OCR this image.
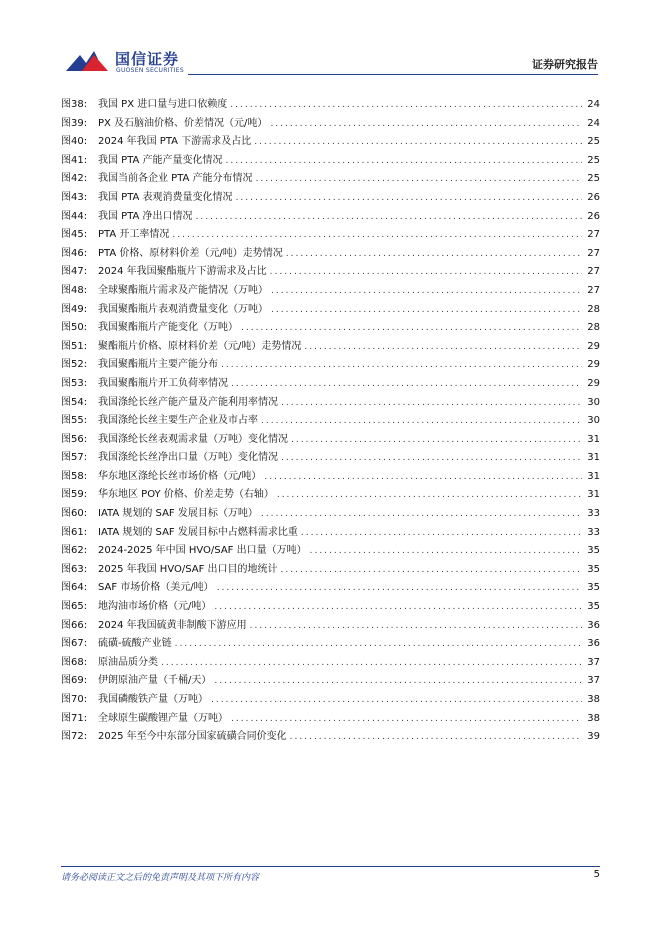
国信证券
GUOSEN SECURITIES	证券研究报告
图38:	我国 PX 进口量与进口依赖度 .....	24
图39:	PX 及石脑油价格、价差情况（元/吨） .....	24
图40:	2024 年我国 PTA 下游需求及占比 .....	25
图41:	我国 PTA 产能产量变化情况 .....	25
图42:	我国当前各企业 PTA 产能分布情况 .....	25
图43:	我国 PTA 表观消费量变化情况 .....	26
图44:	我国 PTA 净出口情况 .....	26
图45:	PTA 开工率情况 .....	27
图46:	PTA 价格、原材料价差（元/吨）走势情况 .....	27
图47:	2024 年我国聚酯瓶片下游需求及占比 .....	27
图48:	全球聚酯瓶片需求及产能情况（万吨） .....	27
图49:	我国聚酯瓶片表观消费量变化（万吨） .....	28
图50:	我国聚酯瓶片产能变化（万吨） .....	28
图51:	聚酯瓶片价格、原材料价差（元/吨）走势情况 .....	29
图52:	我国聚酯瓶片主要产能分布 .....	29
图53:	我国聚酯瓶片开工负荷率情况 .....	29
图54:	我国涤纶长丝产能产量及产能利用率情况 .....	30
图55:	我国涤纶长丝主要生产企业及市占率 .....	30
图56:	我国涤纶长丝表观需求量（万吨）变化情况 .....	31
图57:	我国涤纶长丝净出口量（万吨）变化情况 .....	31
图58:	华东地区涤纶长丝市场价格（元/吨） .....	31
图59:	华东地区 POY 价格、价差走势（右轴） .....	31
图60:	IATA 规划的 SAF 发展目标（万吨） .....	33
图61:	IATA 规划的 SAF 发展目标中占燃料需求比重 .....	33
图62:	2024-2025 年中国 HVO/SAF 出口量（万吨） .....	35
图63:	2025 年我国 HVO/SAF 出口目的地统计 .....	35
图64:	SAF 市场价格（美元/吨） .....	35
图65:	地沟油市场价格（元/吨） .....	35
图66:	2024 年我国硫黄非制酸下游应用 .....	36
图67:	硫磺-硫酸产业链 .....	36
图68:	原油品质分类 .....	37
图69:	伊朗原油产量（千桶/天） .....	37
图70:	我国磷酸铁产量（万吨） .....	38
图71:	全球原生碳酸锂产量（万吨） .....	38
图72:	2025 年至今中东部分国家硫磺合同价变化 .....	39
请务必阅读正文之后的免责声明及其项下所有内容	5
